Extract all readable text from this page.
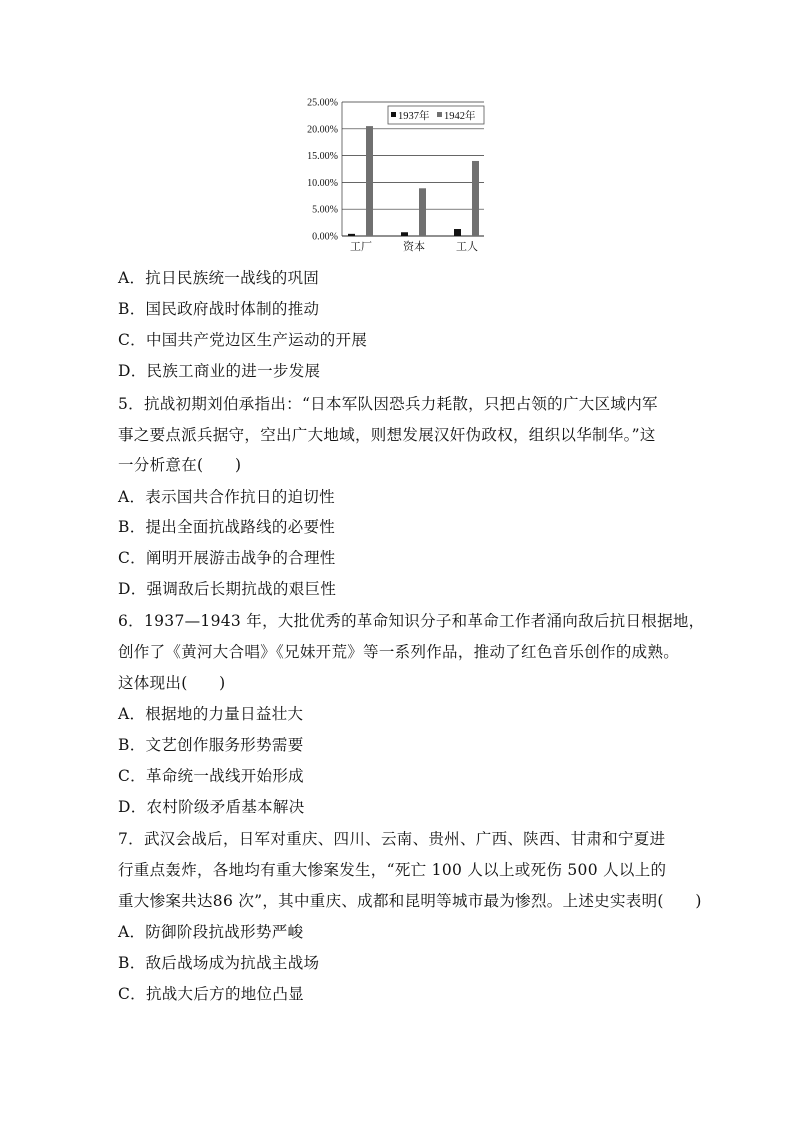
25.00%
20.00%
15.00%
10.00%
5.00%
0.00%
工厂	资本	工人
1937年 1942年
A．抗日民族统一战线的巩固
B．国民政府战时体制的推动
C．中国共产党边区生产运动的开展
D．民族工商业的进一步发展
5．抗战初期刘伯承指出：“日本军队因恐兵力耗散，只把占领的广大区域内军
事之要点派兵据守，空出广大地域，则想发展汉奸伪政权，组织以华制华。”这
一分析意在(　　)
A．表示国共合作抗日的迫切性
B．提出全面抗战路线的必要性
C．阐明开展游击战争的合理性
D．强调敌后长期抗战的艰巨性
6．1937—1943 年，大批优秀的革命知识分子和革命工作者涌向敌后抗日根据地，
创作了《黄河大合唱》《兄妹开荒》等一系列作品，推动了红色音乐创作的成熟。
这体现出(　　)
A．根据地的力量日益壮大
B．文艺创作服务形势需要
C．革命统一战线开始形成
D．农村阶级矛盾基本解决
7．武汉会战后，日军对重庆、四川、云南、贵州、广西、陕西、甘肃和宁夏进
行重点轰炸，各地均有重大惨案发生，“死亡 100 人以上或死伤 500 人以上的
重大惨案共达86 次”，其中重庆、成都和昆明等城市最为惨烈。上述史实表明(　　)
A．防御阶段抗战形势严峻
B．敌后战场成为抗战主战场
C．抗战大后方的地位凸显
